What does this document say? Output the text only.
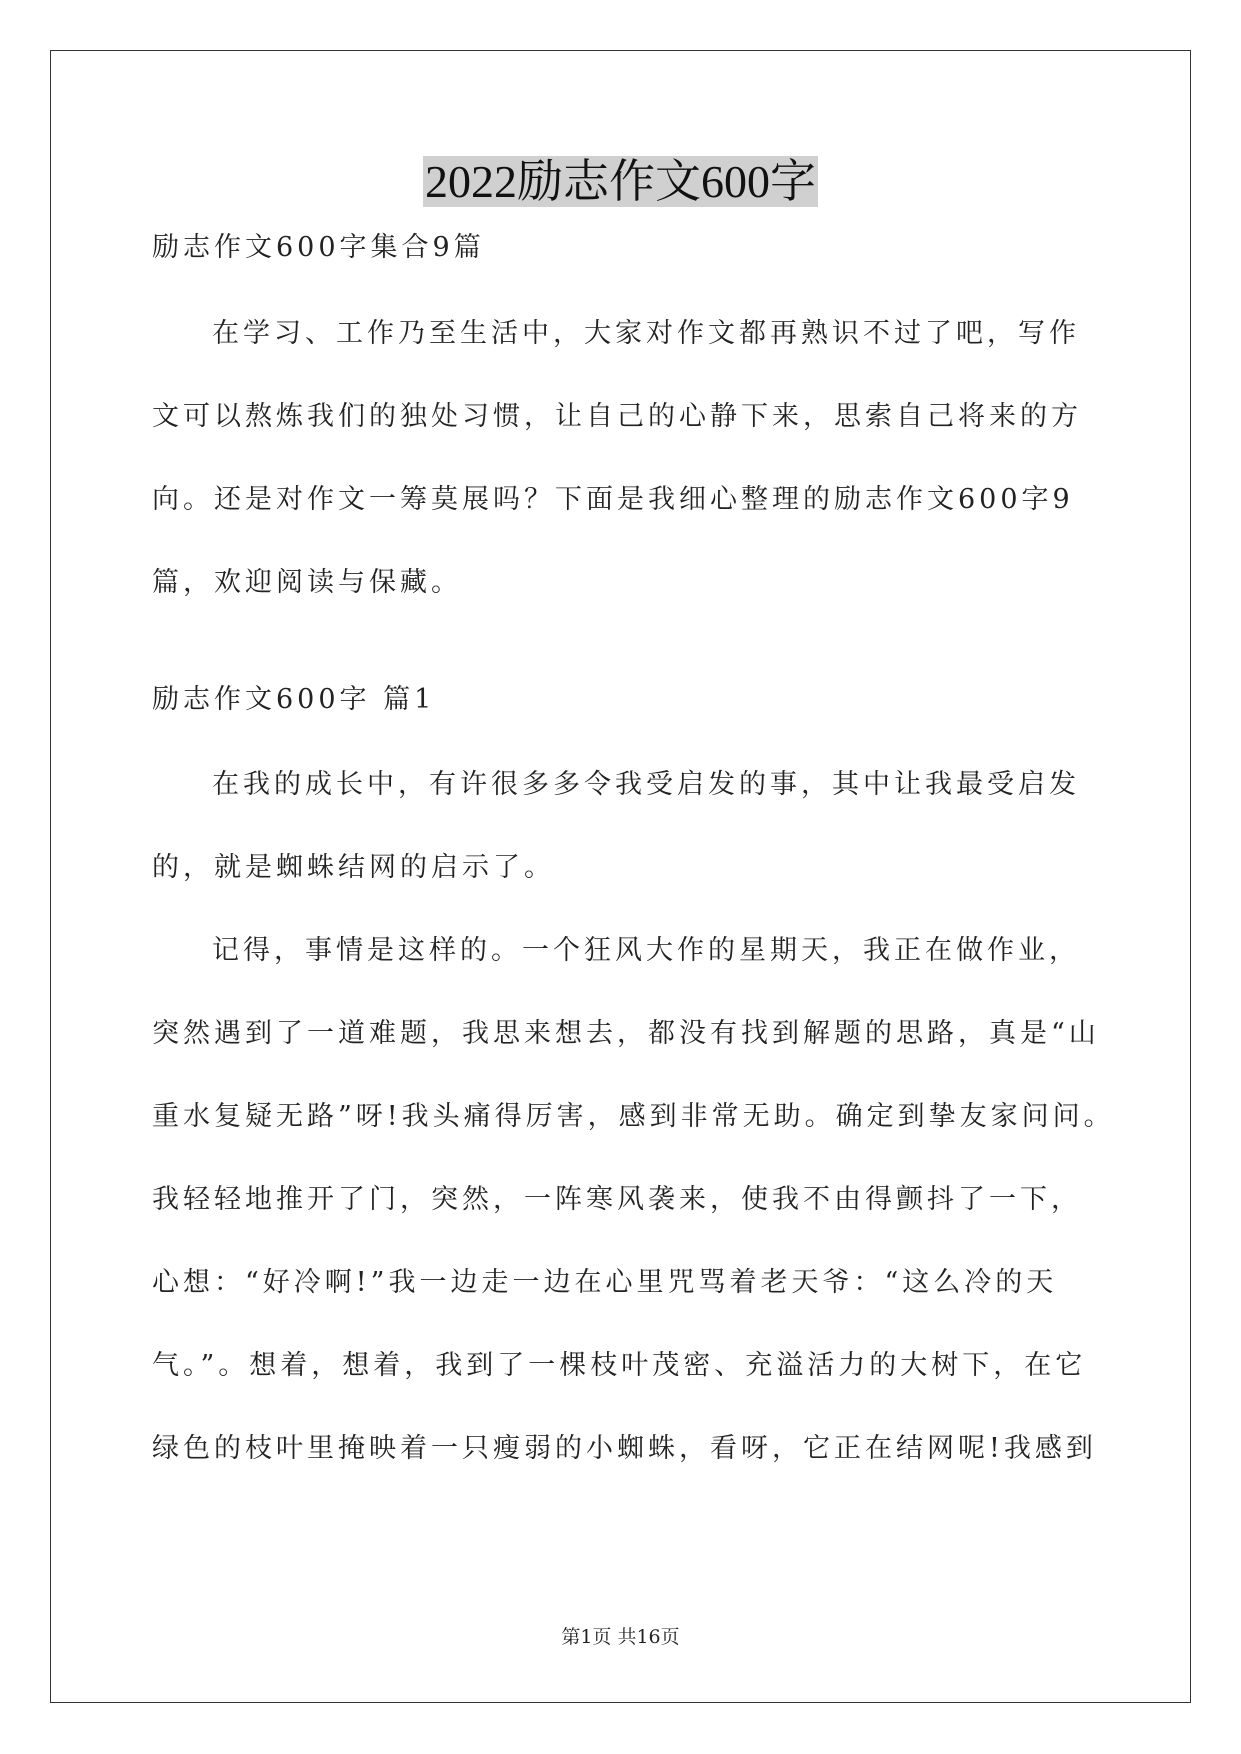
2022励志作文600字
励志作文600字集合9篇
在学习、工作乃至生活中，大家对作文都再熟识不过了吧，写作
文可以熬炼我们的独处习惯，让自己的心静下来，思索自己将来的方
向。还是对作文一筹莫展吗？下面是我细心整理的励志作文600字9
篇，欢迎阅读与保藏。
励志作文600字 篇1
在我的成长中，有许很多多令我受启发的事，其中让我最受启发
的，就是蜘蛛结网的启示了。
记得，事情是这样的。一个狂风大作的星期天，我正在做作业，
突然遇到了一道难题，我思来想去，都没有找到解题的思路，真是“山
重水复疑无路”呀!我头痛得厉害，感到非常无助。确定到挚友家问问。
我轻轻地推开了门，突然，一阵寒风袭来，使我不由得颤抖了一下，
心想：“好冷啊!”我一边走一边在心里咒骂着老天爷：“这么冷的天
气。”。想着，想着，我到了一棵枝叶茂密、充溢活力的大树下，在它
绿色的枝叶里掩映着一只瘦弱的小蜘蛛，看呀，它正在结网呢!我感到
第1页 共16页
